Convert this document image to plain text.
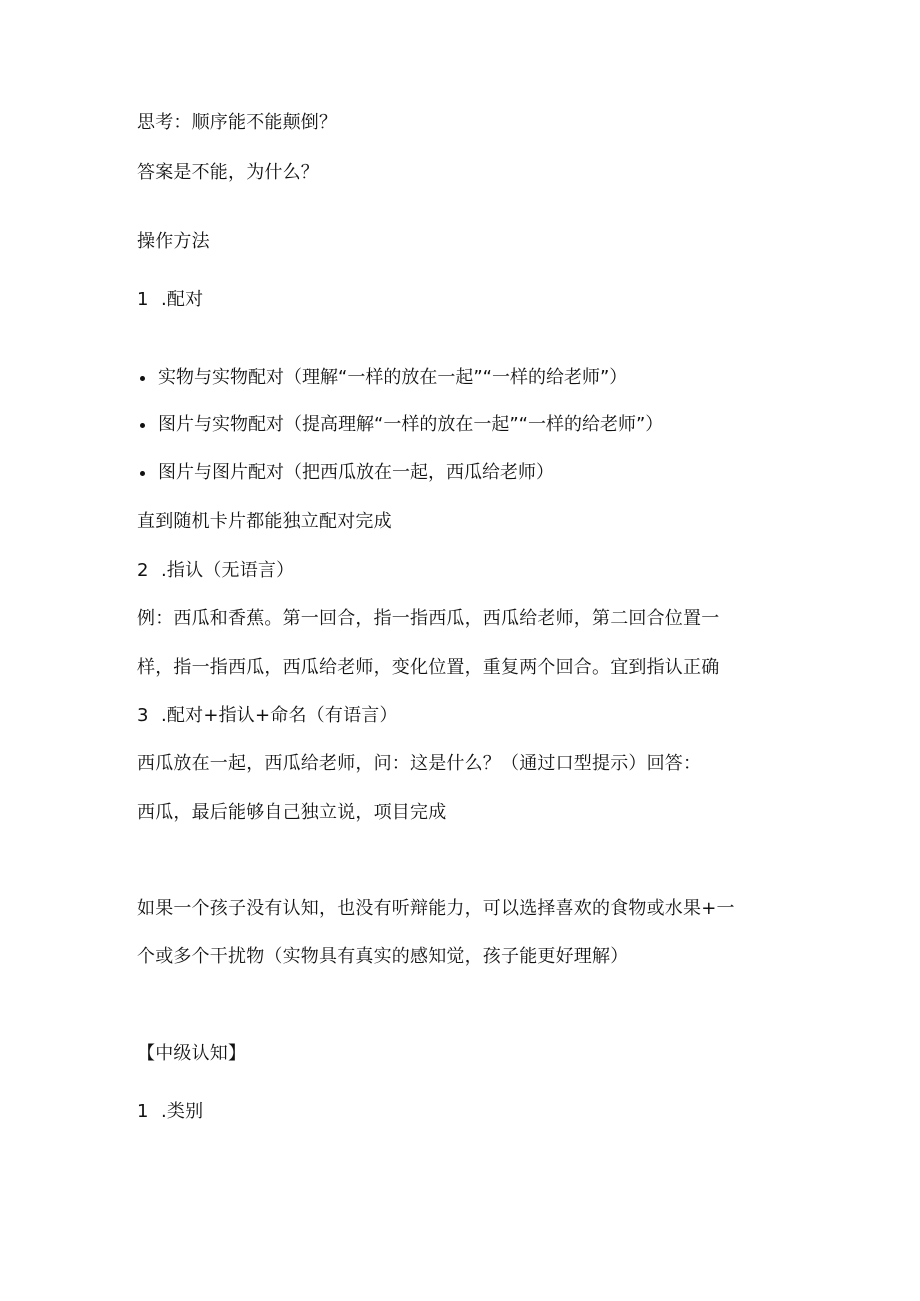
思考：顺序能不能颠倒？
答案是不能，为什么？
操作方法
1 .配对
实物与实物配对（理解“一样的放在一起”“一样的给老师”）
图片与实物配对（提高理解“一样的放在一起”“一样的给老师”）
图片与图片配对（把西瓜放在一起，西瓜给老师）
直到随机卡片都能独立配对完成
2 .指认（无语言）
例：西瓜和香蕉。第一回合，指一指西瓜，西瓜给老师，第二回合位置一
样，指一指西瓜，西瓜给老师，变化位置，重复两个回合。宜到指认正确
3 .配对+指认+命名（有语言）
西瓜放在一起，西瓜给老师，问：这是什么？（通过口型提示）回答：
西瓜，最后能够自己独立说，项目完成
如果一个孩子没有认知，也没有听辩能力，可以选择喜欢的食物或水果+一
个或多个干扰物（实物具有真实的感知觉，孩子能更好理解）
【中级认知】
1 .类别
